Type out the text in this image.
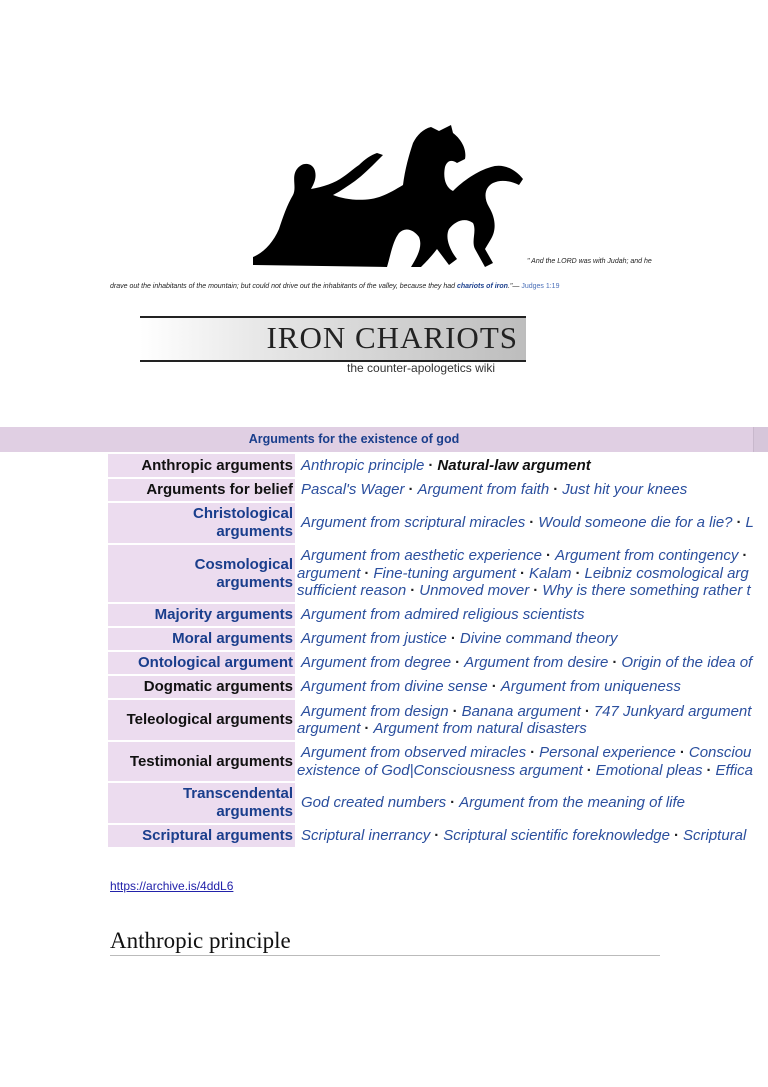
" And the LORD was with Judah; and he
drave out the inhabitants of the mountain; but could not drive out the inhabitants of the valley, because they had chariots of iron."— Judges 1:19
IRON CHARIOTS
the counter-apologetics wiki
Arguments for the existence of god
Anthropic arguments Anthropic principle · Natural-law argument
Arguments for belief Pascal's Wager · Argument from faith · Just hit your knees
Christological
arguments
Argument from scriptural miracles · Would someone die for a lie? · L
Cosmological
arguments
Argument from aesthetic experience · Argument from contingency ·
argument · Fine-tuning argument · Kalam · Leibniz cosmological arg
sufficient reason · Unmoved mover · Why is there something rather t
Majority arguments Argument from admired religious scientists
Moral arguments Argument from justice · Divine command theory
Ontological argument Argument from degree · Argument from desire · Origin of the idea of
Dogmatic arguments Argument from divine sense · Argument from uniqueness
Teleological arguments Argument from design · Banana argument · 747 Junkyard argument
argument · Argument from natural disasters
Testimonial arguments Argument from observed miracles · Personal experience · Consciou
existence of God|Consciousness argument · Emotional pleas · Effica
Transcendental
arguments
God created numbers · Argument from the meaning of life
Scriptural arguments Scriptural inerrancy · Scriptural scientific foreknowledge · Scriptural
https://archive.is/4ddL6
Anthropic principle
